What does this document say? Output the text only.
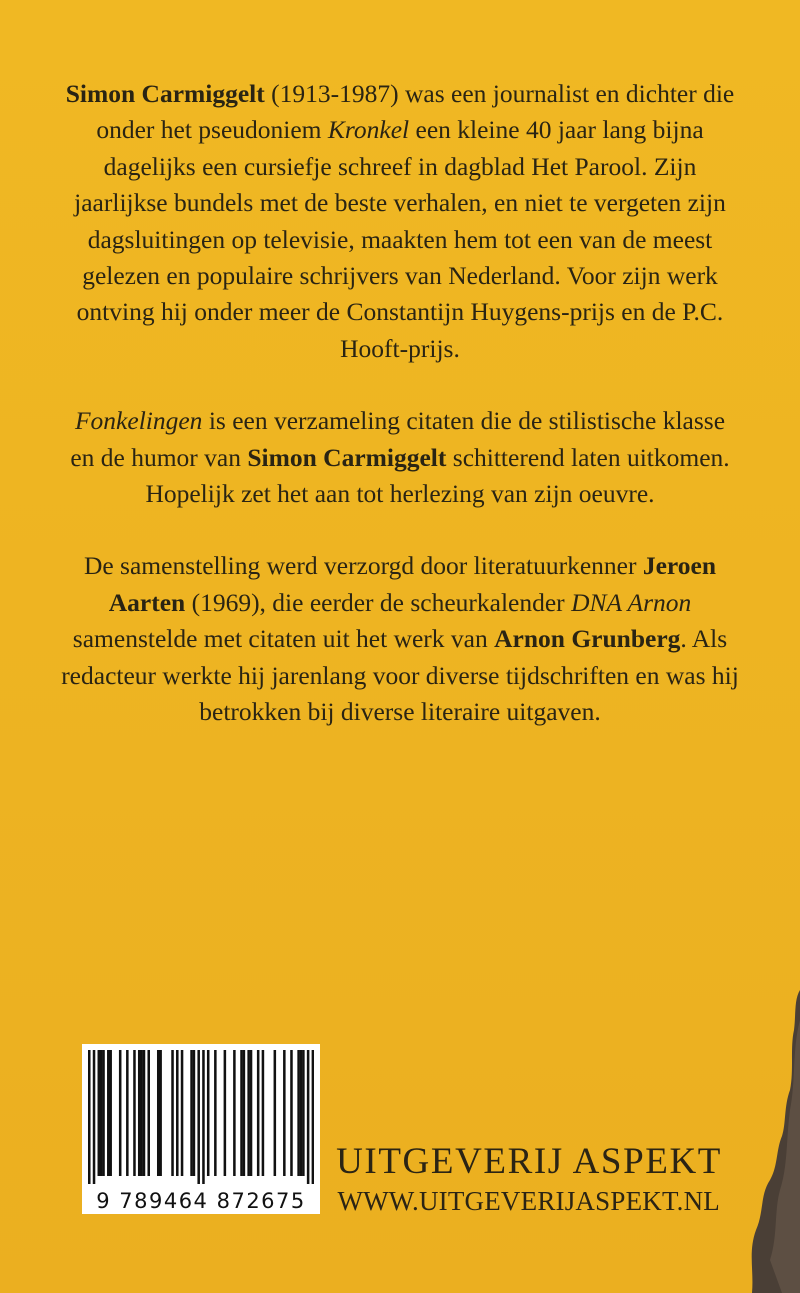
Simon Carmiggelt (1913-1987) was een journalist en dichter die onder het pseudoniem Kronkel een kleine 40 jaar lang bijna dagelijks een cursiefje schreef in dagblad Het Parool. Zijn jaarlijkse bundels met de beste verhalen, en niet te vergeten zijn dagsluitingen op televisie, maakten hem tot een van de meest gelezen en populaire schrijvers van Nederland. Voor zijn werk ontving hij onder meer de Constantijn Huygens-prijs en de P.C. Hooft-prijs.

Fonkelingen is een verzameling citaten die de stilistische klasse en de humor van Simon Carmiggelt schitterend laten uitkomen. Hopelijk zet het aan tot herlezing van zijn oeuvre.

De samenstelling werd verzorgd door literatuurkenner Jeroen Aarten (1969), die eerder de scheurkalender DNA Arnon samenstelde met citaten uit het werk van Arnon Grunberg. Als redacteur werkte hij jarenlang voor diverse tijdschriften en was hij betrokken bij diverse literaire uitgaven.

9 789464 872675
UITGEVERIJ ASPEKT
WWW.UITGEVERIJASPEKT.NL
